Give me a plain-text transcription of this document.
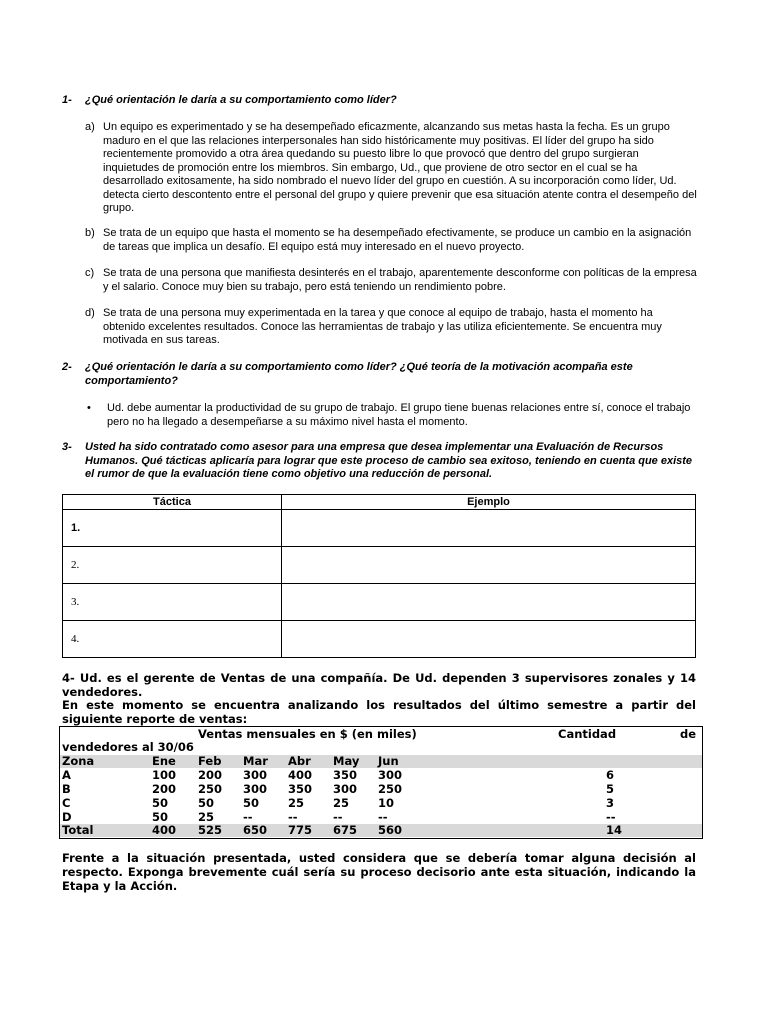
1- ¿Qué orientación le daría a su comportamiento como líder?
a) Un equipo es experimentado y se ha desempeñado eficazmente, alcanzando sus metas hasta la fecha. Es un grupo maduro en el que las relaciones interpersonales han sido históricamente muy positivas. El líder del grupo ha sido recientemente promovido a otra área quedando su puesto libre lo que provocó que dentro del grupo surgieran inquietudes de promoción entre los miembros. Sin embargo, Ud., que proviene de otro sector en el cual se ha desarrollado exitosamente, ha sido nombrado el nuevo líder del grupo en cuestión. A su incorporación como líder, Ud. detecta cierto descontento entre el personal del grupo y quiere prevenir que esa situación atente contra el desempeño del grupo.
b) Se trata de un equipo que hasta el momento se ha desempeñado efectivamente, se produce un cambio en la asignación de tareas que implica un desafío. El equipo está muy interesado en el nuevo proyecto.
c) Se trata de una persona que manifiesta desinterés en el trabajo, aparentemente desconforme con políticas de la empresa y el salario. Conoce muy bien su trabajo, pero está teniendo un rendimiento pobre.
d) Se trata de una persona muy experimentada en la tarea y que conoce al equipo de trabajo, hasta el momento ha obtenido excelentes resultados. Conoce las herramientas de trabajo y las utiliza eficientemente. Se encuentra muy motivada en sus tareas.
2- ¿Qué orientación le daría a su comportamiento como líder? ¿Qué teoría de la motivación acompaña este comportamiento?
• Ud. debe aumentar la productividad de su grupo de trabajo. El grupo tiene buenas relaciones entre sí, conoce el trabajo pero no ha llegado a desempeñarse a su máximo nivel hasta el momento.
3- Usted ha sido contratado como asesor para una empresa que desea implementar una Evaluación de Recursos Humanos. Qué tácticas aplicaría para lograr que este proceso de cambio sea exitoso, teniendo en cuenta que existe el rumor de que la evaluación tiene como objetivo una reducción de personal.
Táctica	Ejemplo

1.	

2.	

3.	

4.	

4- Ud. es el gerente de Ventas de una compañía. De Ud. dependen 3 supervisores zonales y 14 vendedores.
En este momento se encuentra analizando los resultados del último semestre a partir del siguiente reporte de ventas:
Ventas mensuales en $ (en miles)	Cantidad	de
vendedores al 30/06
Zona	Ene Feb Mar Abr May Jun
A	100 200 300 400 350 300	6
B	200 250 300 350 300 250	5
C	50	50	50	25	25	10	3
D	50	25	--	--	--	--	--
Total	400 525 650 775 675 560	14
Frente a la situación presentada, usted considera que se debería tomar alguna decisión al respecto. Exponga brevemente cuál sería su proceso decisorio ante esta situación, indicando la Etapa y la Acción.
